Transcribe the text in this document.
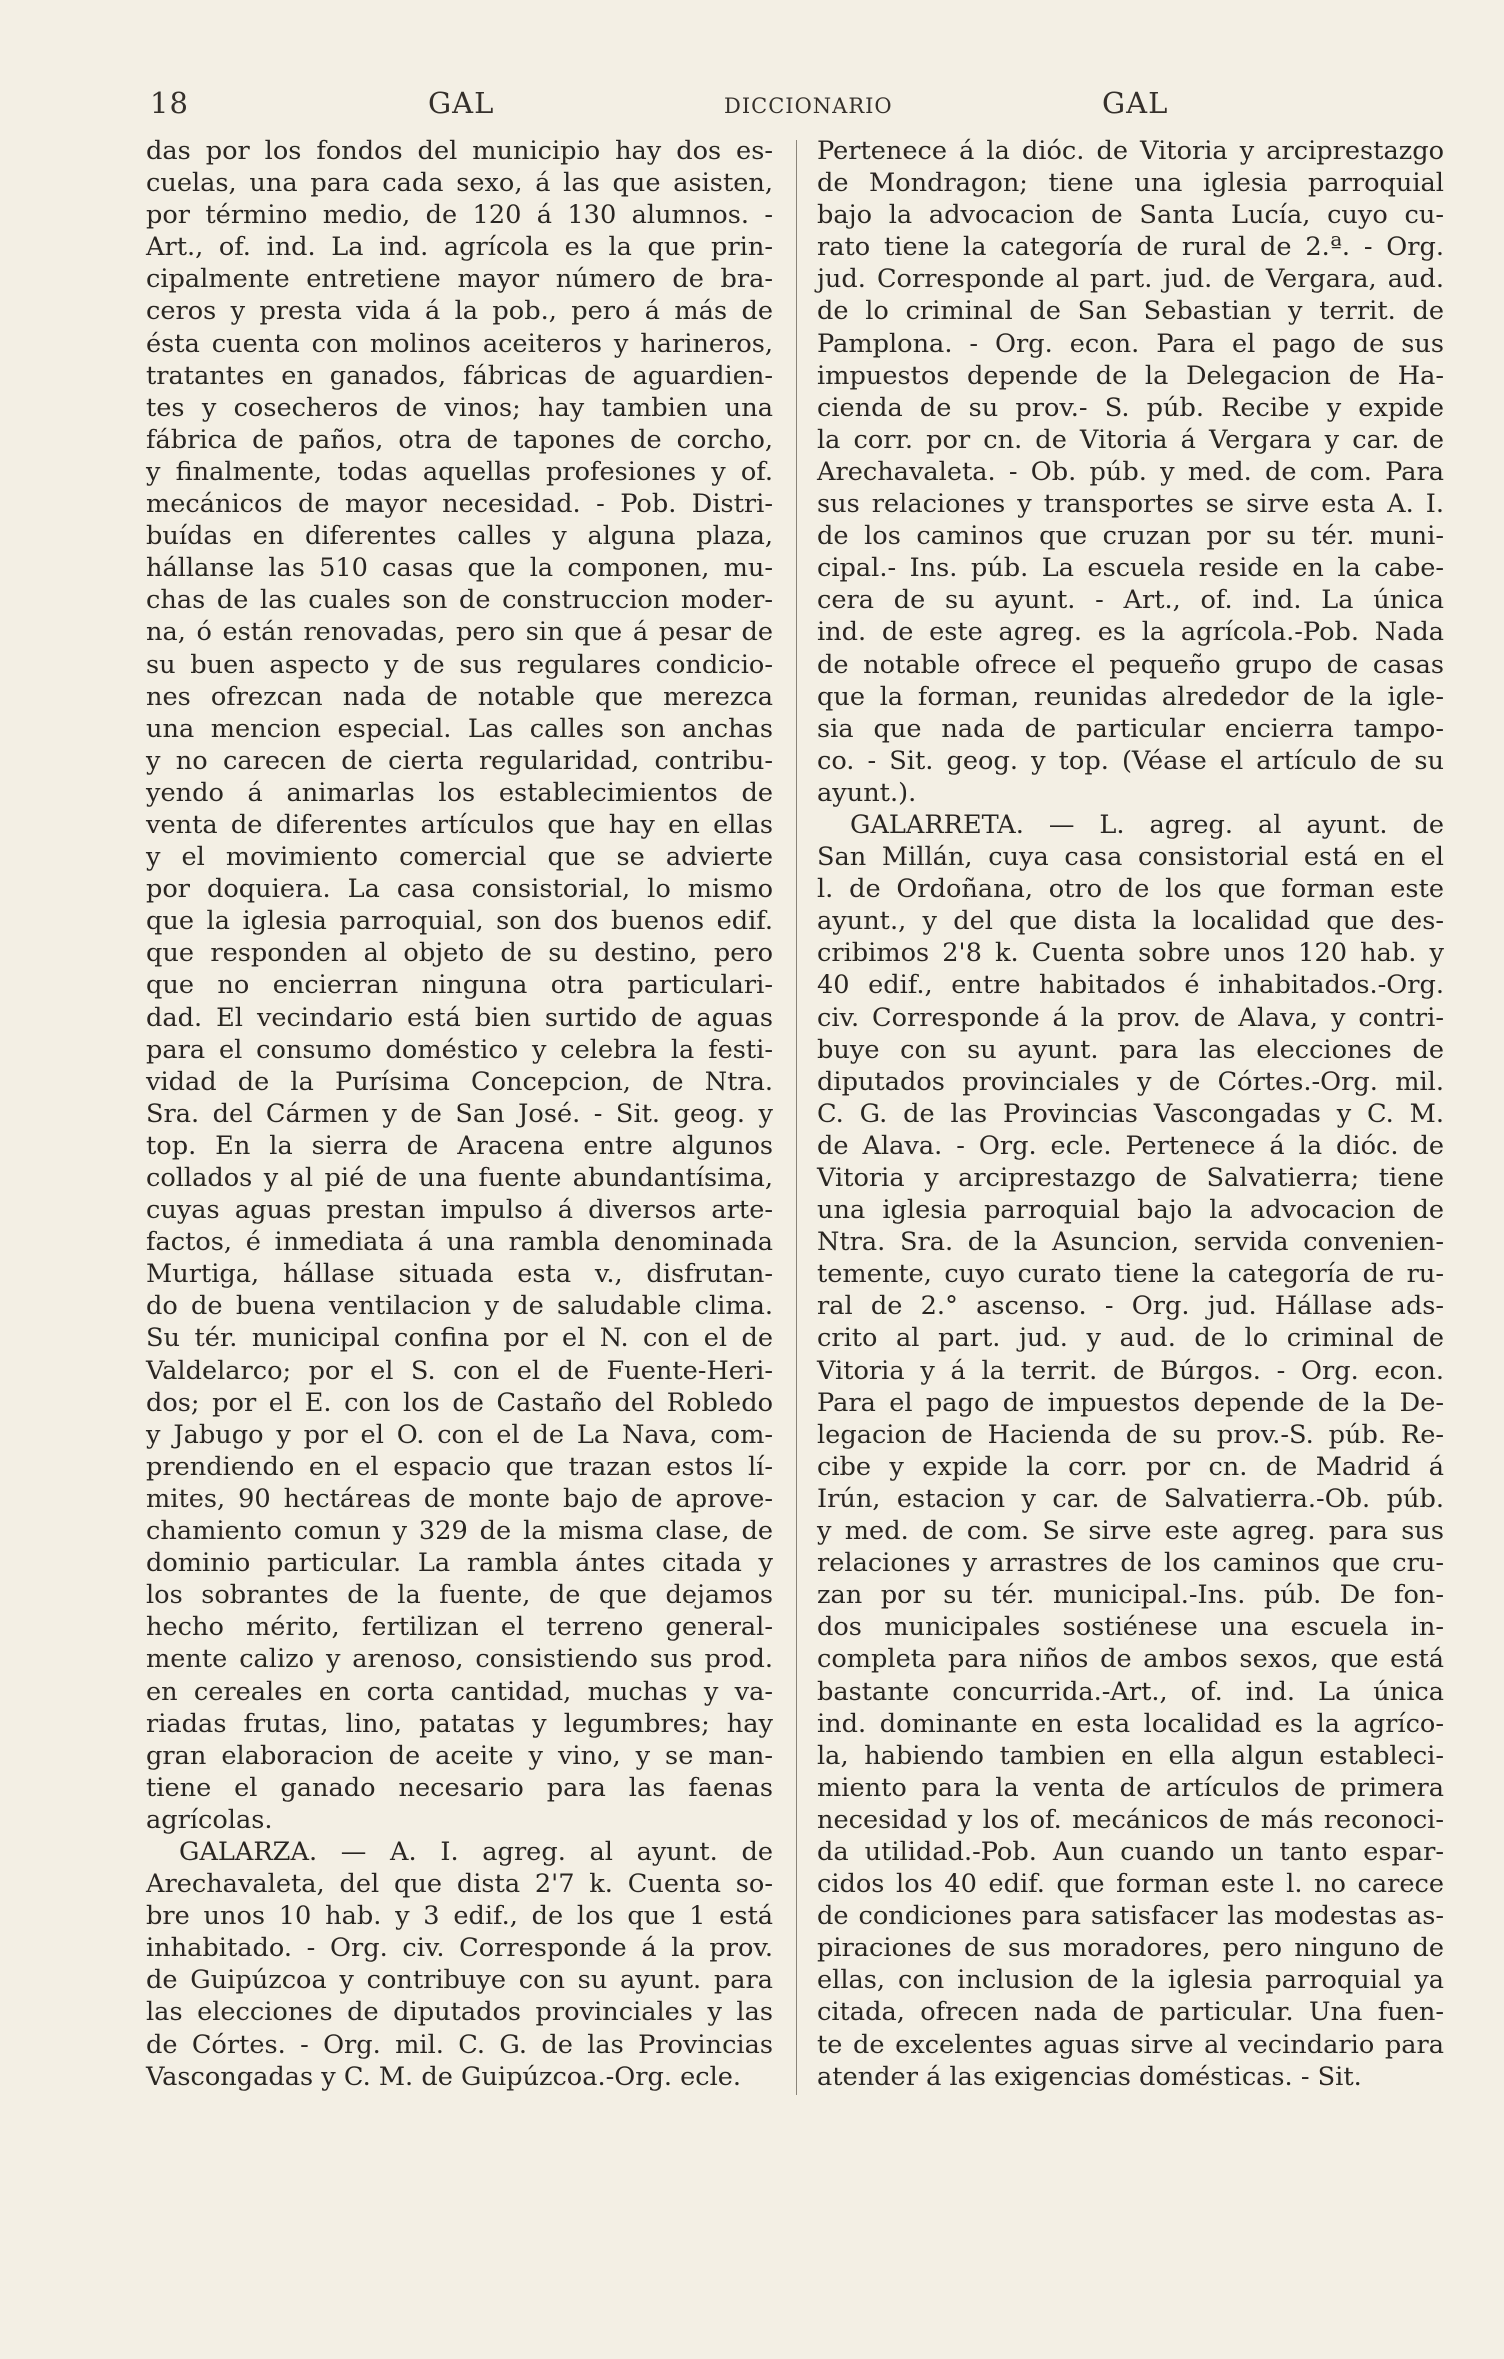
18	GAL	DICCIONARIO	GAL
das por los fondos del municipio hay dos es-
cuelas, una para cada sexo, á las que asisten,
por término medio, de 120 á 130 alumnos. -
Art., of. ind. La ind. agrícola es la que prin-
cipalmente entretiene mayor número de bra-
ceros y presta vida á la pob., pero á más de
ésta cuenta con molinos aceiteros y harineros,
tratantes en ganados, fábricas de aguardien-
tes y cosecheros de vinos; hay tambien una
fábrica de paños, otra de tapones de corcho,
y finalmente, todas aquellas profesiones y of.
mecánicos de mayor necesidad. - Pob. Distri-
buídas en diferentes calles y alguna plaza,
hállanse las 510 casas que la componen, mu-
chas de las cuales son de construccion moder-
na, ó están renovadas, pero sin que á pesar de
su buen aspecto y de sus regulares condicio-
nes ofrezcan nada de notable que merezca
una mencion especial. Las calles son anchas
y no carecen de cierta regularidad, contribu-
yendo á animarlas los establecimientos de
venta de diferentes artículos que hay en ellas
y el movimiento comercial que se advierte
por doquiera. La casa consistorial, lo mismo
que la iglesia parroquial, son dos buenos edif.
que responden al objeto de su destino, pero
que no encierran ninguna otra particulari-
dad. El vecindario está bien surtido de aguas
para el consumo doméstico y celebra la festi-
vidad de la Purísima Concepcion, de Ntra.
Sra. del Cármen y de San José. - Sit. geog. y
top. En la sierra de Aracena entre algunos
collados y al pié de una fuente abundantísima,
cuyas aguas prestan impulso á diversos arte-
factos, é inmediata á una rambla denominada
Murtiga, hállase situada esta v., disfrutan-
do de buena ventilacion y de saludable clima.
Su tér. municipal confina por el N. con el de
Valdelarco; por el S. con el de Fuente-Heri-
dos; por el E. con los de Castaño del Robledo
y Jabugo y por el O. con el de La Nava, com-
prendiendo en el espacio que trazan estos lí-
mites, 90 hectáreas de monte bajo de aprove-
chamiento comun y 329 de la misma clase, de
dominio particular. La rambla ántes citada y
los sobrantes de la fuente, de que dejamos
hecho mérito, fertilizan el terreno general-
mente calizo y arenoso, consistiendo sus prod.
en cereales en corta cantidad, muchas y va-
riadas frutas, lino, patatas y legumbres; hay
gran elaboracion de aceite y vino, y se man-
tiene el ganado necesario para las faenas
agrícolas.
GALARZA. — A. I. agreg. al ayunt. de
Arechavaleta, del que dista 2'7 k. Cuenta so-
bre unos 10 hab. y 3 edif., de los que 1 está
inhabitado. - Org. civ. Corresponde á la prov.
de Guipúzcoa y contribuye con su ayunt. para
las elecciones de diputados provinciales y las
de Córtes. - Org. mil. C. G. de las Provincias
Vascongadas y C. M. de Guipúzcoa.-Org. ecle.
Pertenece á la dióc. de Vitoria y arciprestazgo
de Mondragon; tiene una iglesia parroquial
bajo la advocacion de Santa Lucía, cuyo cu-
rato tiene la categoría de rural de 2.ª. - Org.
jud. Corresponde al part. jud. de Vergara, aud.
de lo criminal de San Sebastian y territ. de
Pamplona. - Org. econ. Para el pago de sus
impuestos depende de la Delegacion de Ha-
cienda de su prov.- S. púb. Recibe y expide
la corr. por cn. de Vitoria á Vergara y car. de
Arechavaleta. - Ob. púb. y med. de com. Para
sus relaciones y transportes se sirve esta A. I.
de los caminos que cruzan por su tér. muni-
cipal.- Ins. púb. La escuela reside en la cabe-
cera de su ayunt. - Art., of. ind. La única
ind. de este agreg. es la agrícola.-Pob. Nada
de notable ofrece el pequeño grupo de casas
que la forman, reunidas alrededor de la igle-
sia que nada de particular encierra tampo-
co. - Sit. geog. y top. (Véase el artículo de su
ayunt.).
GALARRETA. — L. agreg. al ayunt. de
San Millán, cuya casa consistorial está en el
l. de Ordoñana, otro de los que forman este
ayunt., y del que dista la localidad que des-
cribimos 2'8 k. Cuenta sobre unos 120 hab. y
40 edif., entre habitados é inhabitados.-Org.
civ. Corresponde á la prov. de Alava, y contri-
buye con su ayunt. para las elecciones de
diputados provinciales y de Córtes.-Org. mil.
C. G. de las Provincias Vascongadas y C. M.
de Alava. - Org. ecle. Pertenece á la dióc. de
Vitoria y arciprestazgo de Salvatierra; tiene
una iglesia parroquial bajo la advocacion de
Ntra. Sra. de la Asuncion, servida convenien-
temente, cuyo curato tiene la categoría de ru-
ral de 2.° ascenso. - Org. jud. Hállase ads-
crito al part. jud. y aud. de lo criminal de
Vitoria y á la territ. de Búrgos. - Org. econ.
Para el pago de impuestos depende de la De-
legacion de Hacienda de su prov.-S. púb. Re-
cibe y expide la corr. por cn. de Madrid á
Irún, estacion y car. de Salvatierra.-Ob. púb.
y med. de com. Se sirve este agreg. para sus
relaciones y arrastres de los caminos que cru-
zan por su tér. municipal.-Ins. púb. De fon-
dos municipales sostiénese una escuela in-
completa para niños de ambos sexos, que está
bastante concurrida.-Art., of. ind. La única
ind. dominante en esta localidad es la agríco-
la, habiendo tambien en ella algun estableci-
miento para la venta de artículos de primera
necesidad y los of. mecánicos de más reconoci-
da utilidad.-Pob. Aun cuando un tanto espar-
cidos los 40 edif. que forman este l. no carece
de condiciones para satisfacer las modestas as-
piraciones de sus moradores, pero ninguno de
ellas, con inclusion de la iglesia parroquial ya
citada, ofrecen nada de particular. Una fuen-
te de excelentes aguas sirve al vecindario para
atender á las exigencias domésticas. - Sit.
